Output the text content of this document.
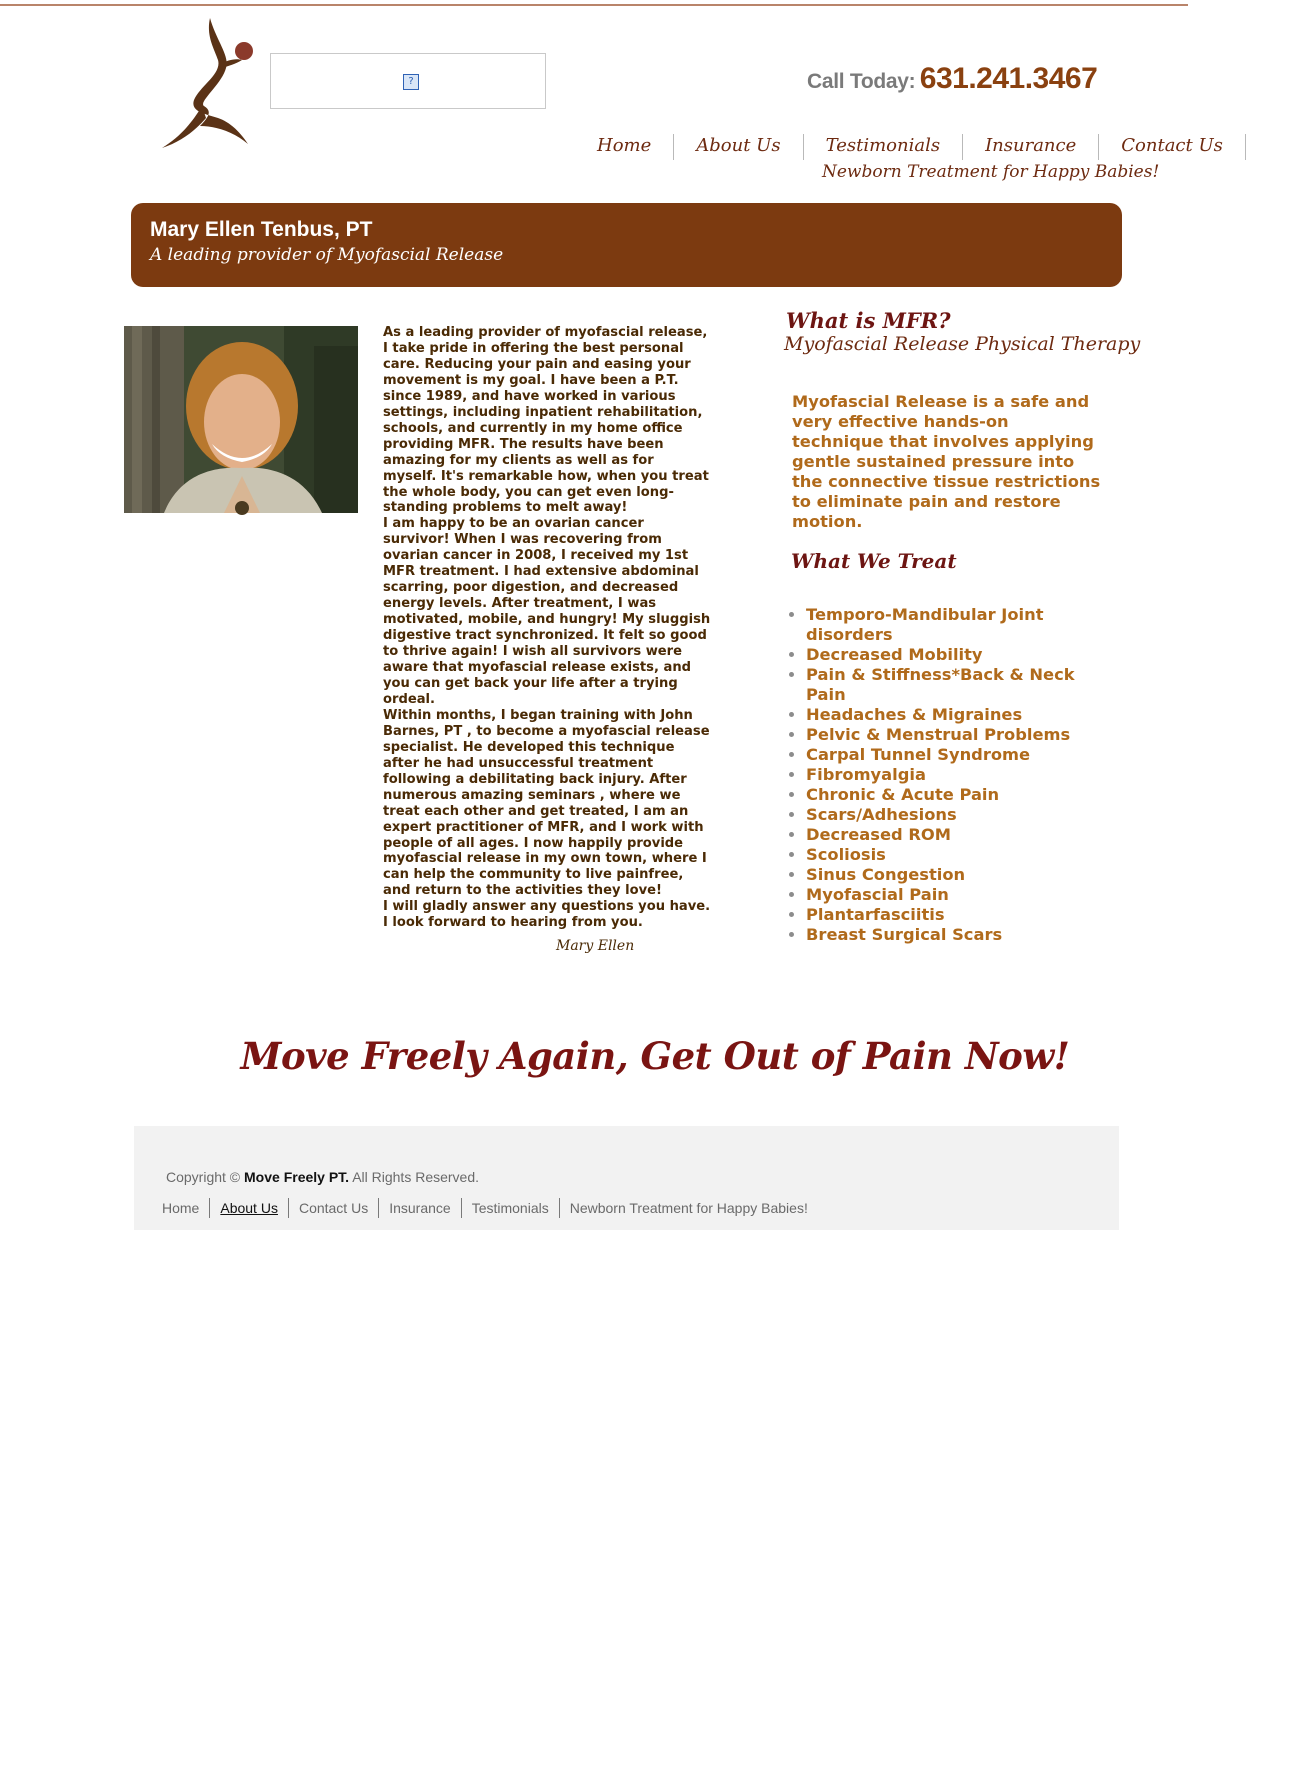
?	Call Today: 631.241.3467
Home	About Us	Testimonials	Insurance	Contact Us
Newborn Treatment for Happy Babies!
Mary Ellen Tenbus, PT
A leading provider of Myofascial Release

As a leading provider of myofascial release, I take pride in offering the best personal care. Reducing your pain and easing your movement is my goal. I have been a P.T. since 1989, and have worked in various settings, including inpatient rehabilitation, schools, and currently in my home office providing MFR. The results have been amazing for my clients as well as for myself. It's remarkable how, when you treat the whole body, you can get even long-standing problems to melt away!

I am happy to be an ovarian cancer survivor! When I was recovering from ovarian cancer in 2008, I received my 1st MFR treatment. I had extensive abdominal scarring, poor digestion, and decreased energy levels. After treatment, I was motivated, mobile, and hungry! My sluggish digestive tract synchronized. It felt so good to thrive again! I wish all survivors were aware that myofascial release exists, and you can get back your life after a trying ordeal.

Within months, I began training with John Barnes, PT , to become a myofascial release specialist. He developed this technique after he had unsuccessful treatment following a debilitating back injury. After numerous amazing seminars , where we treat each other and get treated, I am an expert practitioner of MFR, and I work with people of all ages. I now happily provide myofascial release in my own town, where I can help the community to live painfree, and return to the activities they love!

I will gladly answer any questions you have. I look forward to hearing from you.

Mary Ellen
What is MFR?
Myofascial Release Physical Therapy
Myofascial Release is a safe and very effective hands-on technique that involves applying gentle sustained pressure into the connective tissue restrictions to eliminate pain and restore motion.
What We Treat
• Temporo-Mandibular Joint disorders
• Decreased Mobility
• Pain & Stiffness*Back & Neck Pain
• Headaches & Migraines
• Pelvic & Menstrual Problems
• Carpal Tunnel Syndrome
• Fibromyalgia
• Chronic & Acute Pain
• Scars/Adhesions
• Decreased ROM
• Scoliosis
• Sinus Congestion
• Myofascial Pain
• Plantarfasciitis
• Breast Surgical Scars
Move Freely Again, Get Out of Pain Now!
Copyright © Move Freely PT. All Rights Reserved.
Home	About Us	Contact Us	Insurance	Testimonials	Newborn Treatment for Happy Babies!
